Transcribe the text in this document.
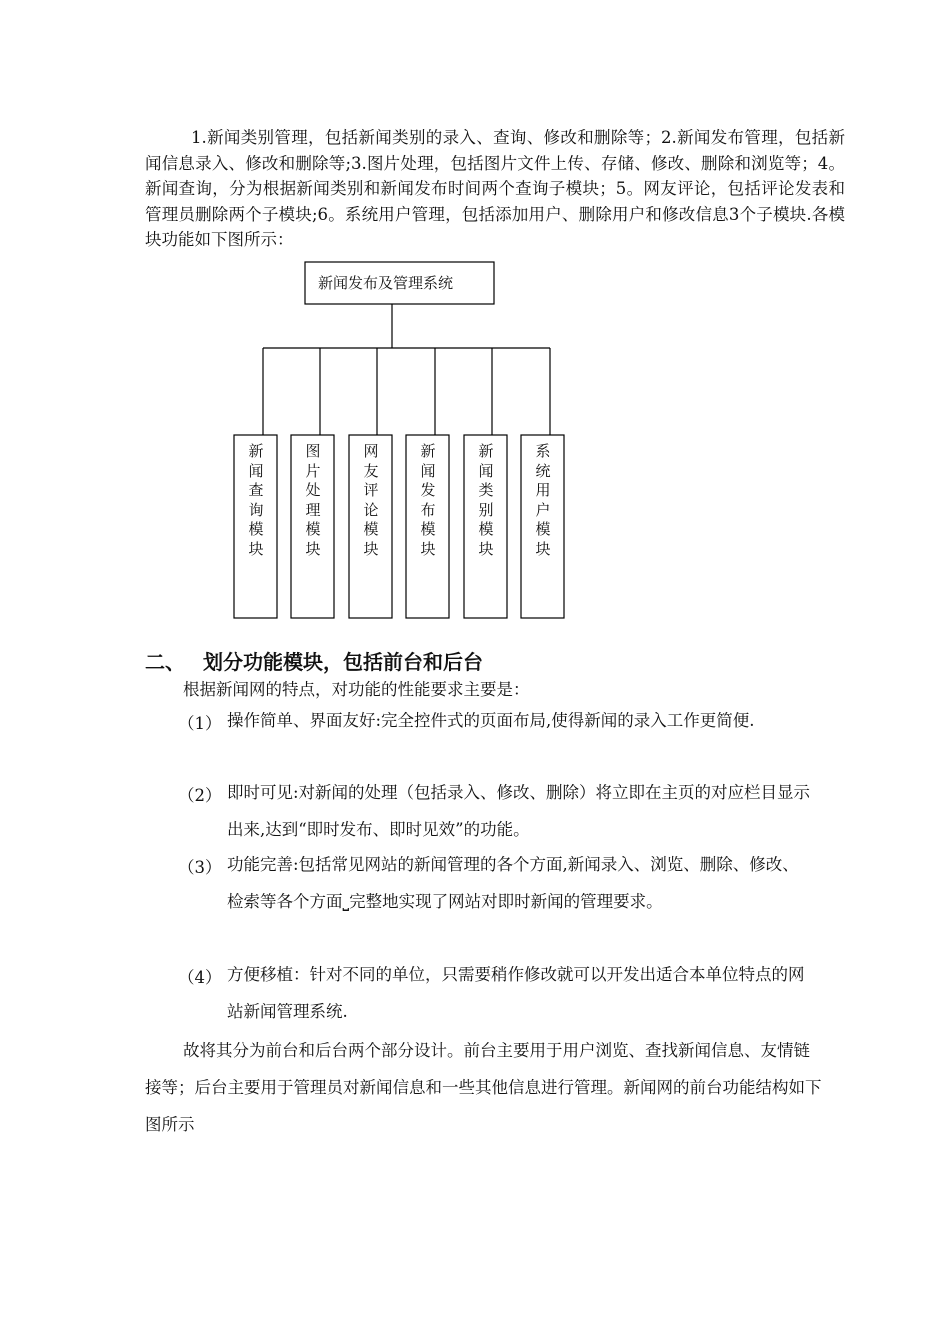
1.新闻类别管理，包括新闻类别的录入、查询、修改和删除等；2.新闻发布管理，包括新闻信息录入、修改和删除等;3.图片处理，包括图片文件上传、存储、修改、删除和浏览等；4。新闻查询，分为根据新闻类别和新闻发布时间两个查询子模块；5。网友评论，包括评论发表和管理员删除两个子模块;6。系统用户管理，包括添加用户、删除用户和修改信息3个子模块.各模块功能如下图所示：
新闻发布及管理系统
新闻查询模块
图片处理模块
网友评论模块
新闻发布模块
新闻类别模块
系统用户模块
二、 划分功能模块，包括前台和后台
根据新闻网的特点，对功能的性能要求主要是：
（1） 操作简单、界面友好:完全控件式的页面布局,使得新闻的录入工作更简便.
（2） 即时可见:对新闻的处理（包括录入、修改、删除）将立即在主页的对应栏目显示出来,达到“即时发布、即时见效”的功能。
（3） 功能完善:包括常见网站的新闻管理的各个方面,新闻录入、浏览、删除、修改、检索等各个方面⎵完整地实现了网站对即时新闻的管理要求。
（4） 方便移植：针对不同的单位，只需要稍作修改就可以开发出适合本单位特点的网站新闻管理系统.
故将其分为前台和后台两个部分设计。前台主要用于用户浏览、查找新闻信息、友情链接等；后台主要用于管理员对新闻信息和一些其他信息进行管理。新闻网的前台功能结构如下图所示
